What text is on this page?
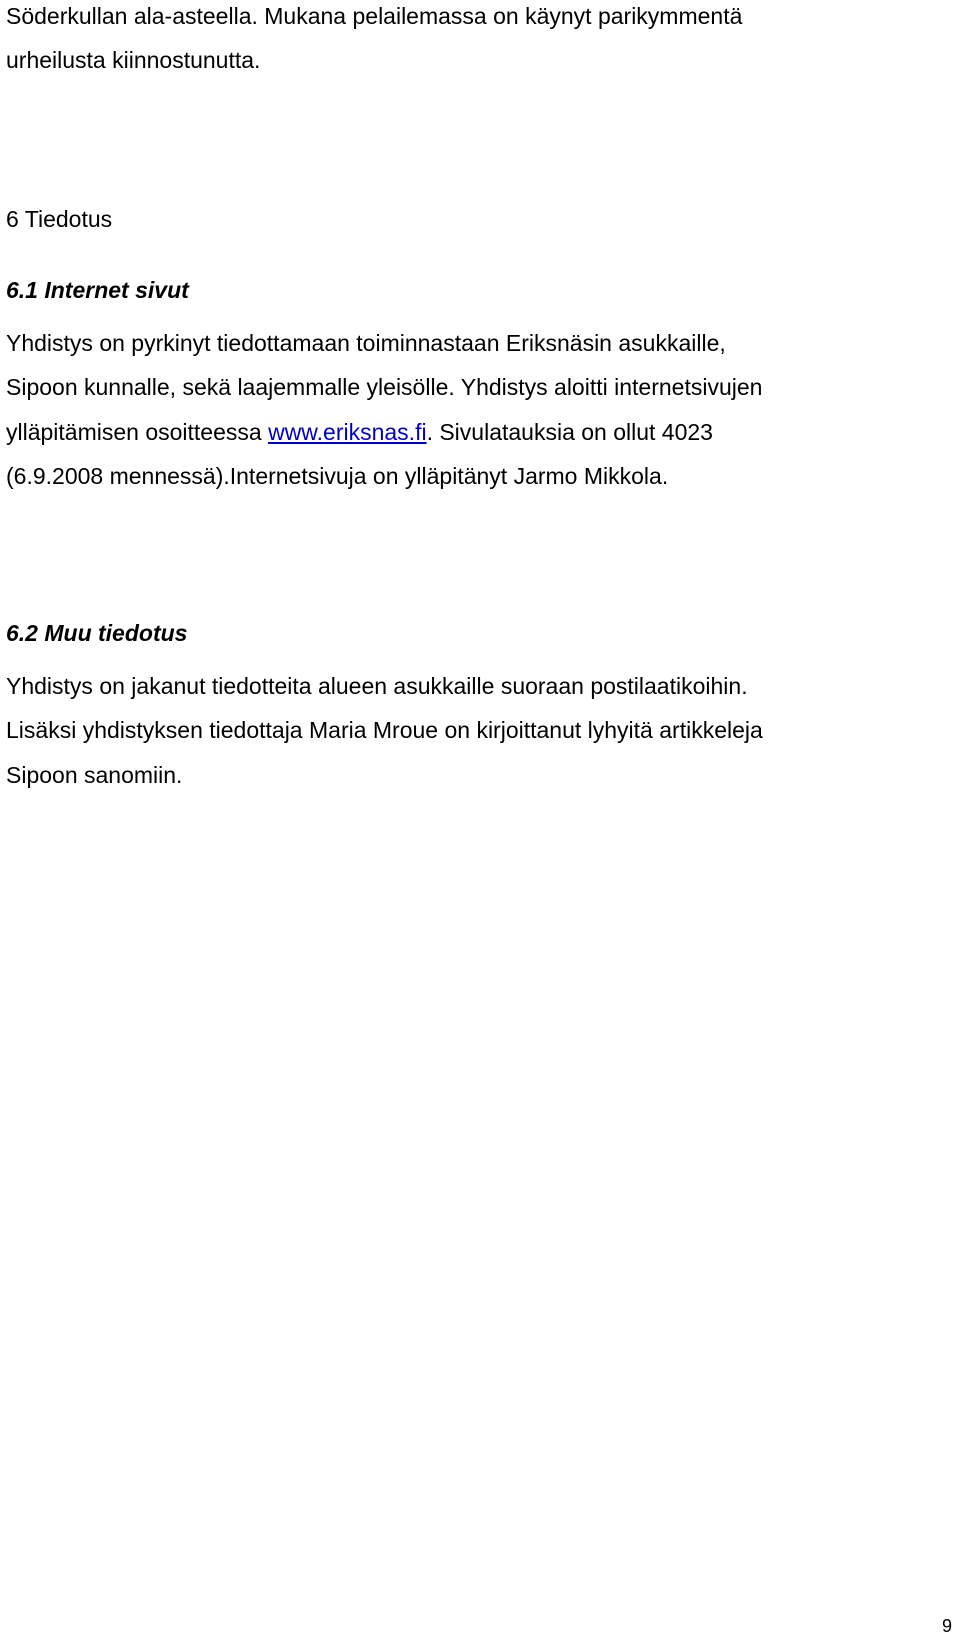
Söderkullan ala-asteella. Mukana pelailemassa on käynyt parikymmentä

urheilusta kiinnostunutta.

6 Tiedotus

6.1 Internet sivut

Yhdistys on pyrkinyt tiedottamaan toiminnastaan Eriksnäsin asukkaille,

Sipoon kunnalle, sekä laajemmalle yleisölle. Yhdistys aloitti internetsivujen

ylläpitämisen osoitteessa www.eriksnas.fi. Sivulatauksia on ollut 4023

(6.9.2008 mennessä).Internetsivuja on ylläpitänyt Jarmo Mikkola.

6.2 Muu tiedotus

Yhdistys on jakanut tiedotteita alueen asukkaille suoraan postilaatikoihin.

Lisäksi yhdistyksen tiedottaja Maria Mroue on kirjoittanut lyhyitä artikkeleja

Sipoon sanomiin.

9
